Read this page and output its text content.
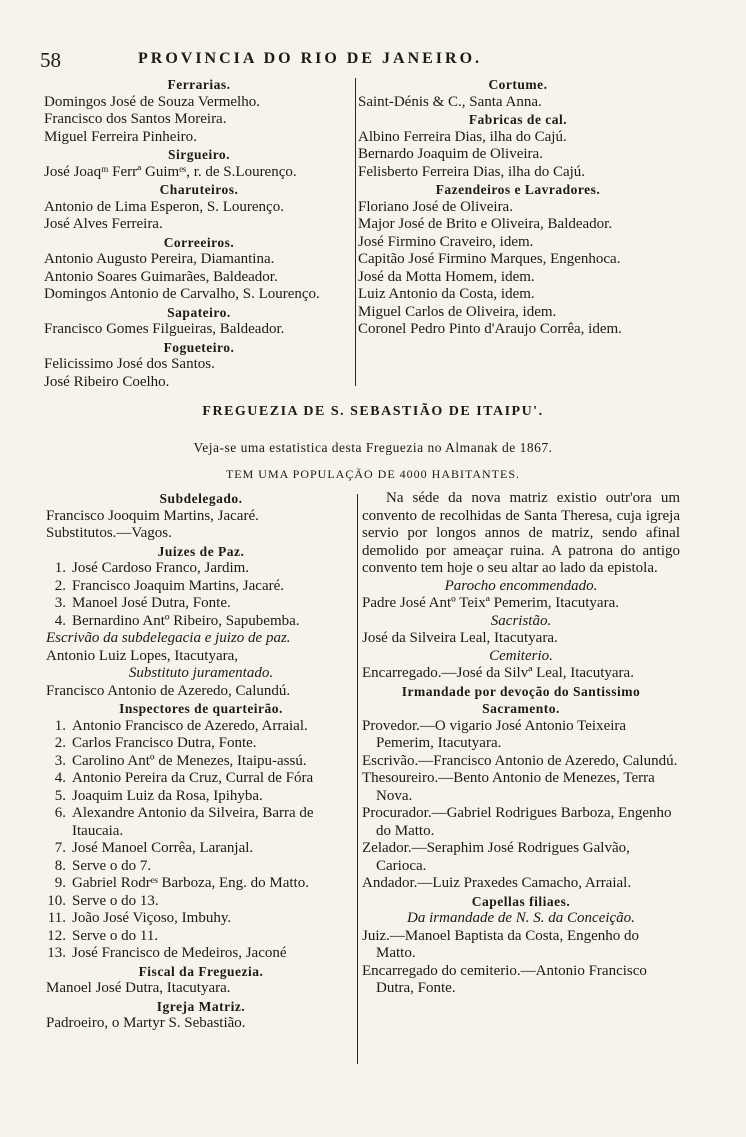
58	PROVINCIA DO RIO DE JANEIRO.
Ferrarias.
Domingos José de Souza Vermelho.
Francisco dos Santos Moreira.
Miguel Ferreira Pinheiro.
Sirgueiro.
José Joaqᵐ Ferrª Guimᵉˢ, r. de S.Lourenço.
Charuteiros.
Antonio de Lima Esperon, S. Lourenço.
José Alves Ferreira.
Correeiros.
Antonio Augusto Pereira, Diamantina.
Antonio Soares Guimarães, Baldeador.
Domingos Antonio de Carvalho, S. Lourenço.
Sapateiro.
Francisco Gomes Filgueiras, Baldeador.
Fogueteiro.
Felicissimo José dos Santos.
José Ribeiro Coelho.
Cortume.
Saint-Dénis & C., Santa Anna.
Fabricas de cal.
Albino Ferreira Dias, ilha do Cajú.
Bernardo Joaquim de Oliveira.
Felisberto Ferreira Dias, ilha do Cajú.
Fazendeiros e Lavradores.
Floriano José de Oliveira.
Major José de Brito e Oliveira, Baldeador.
José Firmino Craveiro, idem.
Capitão José Firmino Marques, Engenhoca.
José da Motta Homem, idem.
Luiz Antonio da Costa, idem.
Miguel Carlos de Oliveira, idem.
Coronel Pedro Pinto d'Araujo Corrêa, idem.
FREGUEZIA DE S. SEBASTIÃO DE ITAIPU'.
Veja-se uma estatistica desta Freguezia no Almanak de 1867.
TEM UMA POPULAÇÃO DE 4000 HABITANTES.
Subdelegado.
Francisco Jooquim Martins, Jacaré.
Substitutos.—Vagos.
Juizes de Paz.
1. José Cardoso Franco, Jardim.
2. Francisco Joaquim Martins, Jacaré.
3. Manoel José Dutra, Fonte.
4. Bernardino Antº Ribeiro, Sapubemba.
Escrivão da subdelegacia e juizo de paz.
Antonio Luiz Lopes, Itacutyara,
Substituto juramentado.
Francisco Antonio de Azeredo, Calundú.
Inspectores de quarteirão.
1. Antonio Francisco de Azeredo, Arraial.
2. Carlos Francisco Dutra, Fonte.
3. Carolino Antº de Menezes, Itaipu-assú.
4. Antonio Pereira da Cruz, Curral de Fóra
5. Joaquim Luiz da Rosa, Ipihyba.
6. Alexandre Antonio da Silveira, Barra de Itaucaia.
7. José Manoel Corrêa, Laranjal.
8. Serve o do 7.
9. Gabriel Rodrᵉˢ Barboza, Eng. do Matto.
10. Serve o do 13.
11. João José Viçoso, Imbuhy.
12. Serve o do 11.
13. José Francisco de Medeiros, Jaconé
Fiscal da Freguezia.
Manoel José Dutra, Itacutyara.
Igreja Matriz.
Padroeiro, o Martyr S. Sebastião.
Na séde da nova matriz existio outr'ora um convento de recolhidas de Santa Theresa, cuja igreja servio por longos annos de matriz, sendo afinal demolido por ameaçar ruina. A patrona do antigo convento tem hoje o seu altar ao lado da epistola.
Parocho encommendado.
Padre José Antº Teixª Pemerim, Itacutyara.
Sacristão.
José da Silveira Leal, Itacutyara.
Cemiterio.
Encarregado.—José da Silvª Leal, Itacutyara.
Irmandade por devoção do Santissimo Sacramento.
Provedor.—O vigario José Antonio Teixeira Pemerim, Itacutyara.
Escrivão.—Francisco Antonio de Azeredo, Calundú.
Thesoureiro.—Bento Antonio de Menezes, Terra Nova.
Procurador.—Gabriel Rodrigues Barboza, Engenho do Matto.
Zelador.—Seraphim José Rodrigues Galvão, Carioca.
Andador.—Luiz Praxedes Camacho, Arraial.
Capellas filiaes.
Da irmandade de N. S. da Conceição.
Juiz.—Manoel Baptista da Costa, Engenho do Matto.
Encarregado do cemiterio.—Antonio Francisco Dutra, Fonte.
